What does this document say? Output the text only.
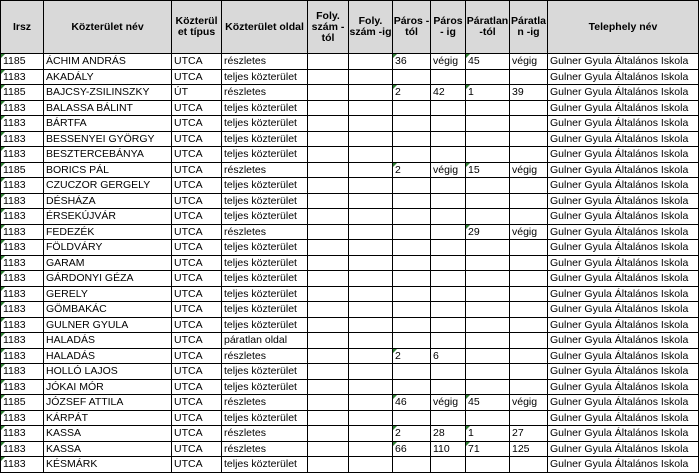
Irsz	Közterület név	Közterül et típus	Közterület oldal	Foly. szám - tól	Foly. szám -ig	Páros - tól	Páros - ig	Páratlan -tól	Páratla n -ig	Telephely név
1185	ÁCHIM ANDRÁS	UTCA	részletes			36	végig	45	végig	Gulner Gyula Általános Iskola
1183	AKADÁLY	UTCA	teljes közterület							Gulner Gyula Általános Iskola
1185	BAJCSY-ZSILINSZKY	ÚT	részletes			2	42	1	39	Gulner Gyula Általános Iskola
1183	BALASSA BÁLINT	UTCA	teljes közterület							Gulner Gyula Általános Iskola
1183	BÁRTFA	UTCA	teljes közterület							Gulner Gyula Általános Iskola
1183	BESSENYEI GYÖRGY	UTCA	teljes közterület							Gulner Gyula Általános Iskola
1183	BESZTERCEBÁNYA	UTCA	teljes közterület							Gulner Gyula Általános Iskola
1185	BORICS PÁL	UTCA	részletes			2	végig	15	végig	Gulner Gyula Általános Iskola
1183	CZUCZOR GERGELY	UTCA	teljes közterület							Gulner Gyula Általános Iskola
1183	DÉSHÁZA	UTCA	teljes közterület							Gulner Gyula Általános Iskola
1183	ÉRSEKÚJVÁR	UTCA	teljes közterület							Gulner Gyula Általános Iskola
1183	FEDEZÉK	UTCA	részletes					29	végig	Gulner Gyula Általános Iskola
1183	FÖLDVÁRY	UTCA	teljes közterület							Gulner Gyula Általános Iskola
1183	GARAM	UTCA	teljes közterület							Gulner Gyula Általános Iskola
1183	GÁRDONYI GÉZA	UTCA	teljes közterület							Gulner Gyula Általános Iskola
1183	GERELY	UTCA	teljes közterület							Gulner Gyula Általános Iskola
1183	GÖMBAKÁC	UTCA	teljes közterület							Gulner Gyula Általános Iskola
1183	GULNER GYULA	UTCA	teljes közterület							Gulner Gyula Általános Iskola
1183	HALADÁS	UTCA	páratlan oldal							Gulner Gyula Általános Iskola
1183	HALADÁS	UTCA	részletes			2	6			Gulner Gyula Általános Iskola
1183	HOLLÓ LAJOS	UTCA	teljes közterület							Gulner Gyula Általános Iskola
1183	JÓKAI MÓR	UTCA	teljes közterület							Gulner Gyula Általános Iskola
1185	JÓZSEF ATTILA	UTCA	részletes			46	végig	45	végig	Gulner Gyula Általános Iskola
1183	KÁRPÁT	UTCA	teljes közterület							Gulner Gyula Általános Iskola
1183	KASSA	UTCA	részletes			2	28	1	27	Gulner Gyula Általános Iskola
1183	KASSA	UTCA	részletes			66	110	71	125	Gulner Gyula Általános Iskola
1183	KÉSMÁRK	UTCA	teljes közterület							Gulner Gyula Általános Iskola
